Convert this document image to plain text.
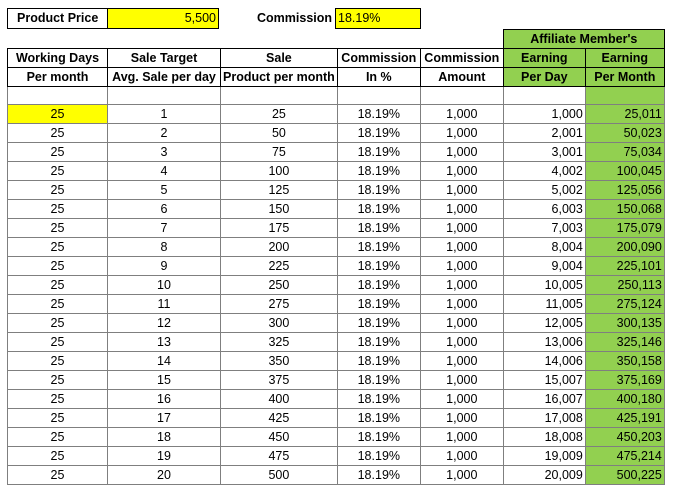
Product Price	5,500	Commission 18.19%
					Affiliate Member's	
Working Days	Sale Target	Sale	Commission	Commission	Earning	Earning
Per month	Avg. Sale per day	Product per month	In %	Amount	Per Day	Per Month

25	1	25	18.19%	1,000	1,000	25,011
25	2	50	18.19%	1,000	2,001	50,023
25	3	75	18.19%	1,000	3,001	75,034
25	4	100	18.19%	1,000	4,002	100,045
25	5	125	18.19%	1,000	5,002	125,056
25	6	150	18.19%	1,000	6,003	150,068
25	7	175	18.19%	1,000	7,003	175,079
25	8	200	18.19%	1,000	8,004	200,090
25	9	225	18.19%	1,000	9,004	225,101
25	10	250	18.19%	1,000	10,005	250,113
25	11	275	18.19%	1,000	11,005	275,124
25	12	300	18.19%	1,000	12,005	300,135
25	13	325	18.19%	1,000	13,006	325,146
25	14	350	18.19%	1,000	14,006	350,158
25	15	375	18.19%	1,000	15,007	375,169
25	16	400	18.19%	1,000	16,007	400,180
25	17	425	18.19%	1,000	17,008	425,191
25	18	450	18.19%	1,000	18,008	450,203
25	19	475	18.19%	1,000	19,009	475,214
25	20	500	18.19%	1,000	20,009	500,225
